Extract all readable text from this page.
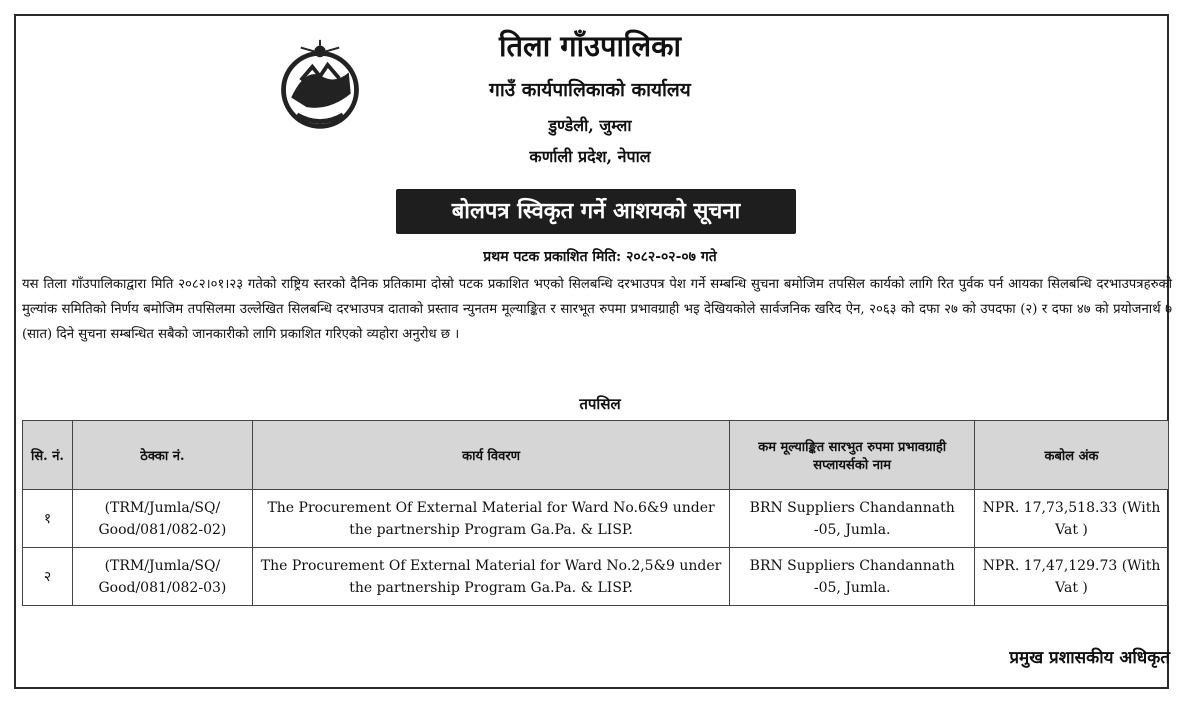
तिला गाँउपालिका
गाउँ कार्यपालिकाको कार्यालय
डुण्डेली, जुम्ला
कर्णाली प्रदेश, नेपाल
बोलपत्र स्विकृत गर्ने आशयको सूचना
प्रथम पटक प्रकाशित मिति: २०८२-०२-०७ गते
यस तिला गाँउपालिकाद्वारा मिति २०८२।०१।२३ गतेको राष्ट्रिय स्तरको दैनिक प्रतिकामा दोस्रो पटक प्रकाशित भएको सिलबन्धि दरभाउपत्र पेश गर्ने सम्बन्धि सुचना बमोजिम तपसिल कार्यको लागि रित पुर्वक पर्न आयका सिलबन्धि दरभाउपत्रहरुको मुल्यांक समितिको निर्णय बमोजिम तपसिलमा उल्लेखित सिलबन्धि दरभाउपत्र दाताको प्रस्ताव न्युनतम मूल्याङ्कित र सारभूत रुपमा प्रभावग्राही भइ देखियकोले सार्वजनिक खरिद ऐन, २०६३ को दफा २७ को उपदफा (२) र दफा ४७ को प्रयोजनार्थ ७ (सात) दिने सुचना सम्बन्धित सबैको जानकारीको लागि प्रकाशित गरिएको व्यहोरा अनुरोध छ ।
तपसिल
सि. नं.	ठेक्का नं.	कार्य विवरण	कम मूल्याङ्कित सारभुत रुपमा प्रभावग्राही सप्लायर्सको नाम	कबोल अंक
१	(TRM/Jumla/SQ/ Good/081/082-02)	The Procurement Of External Material for Ward No.6&9 under the partnership Program Ga.Pa. & LISP.	BRN Suppliers Chandannath -05, Jumla.	NPR. 17,73,518.33 (With Vat )
२	(TRM/Jumla/SQ/ Good/081/082-03)	The Procurement Of External Material for Ward No.2,5&9 under the partnership Program Ga.Pa. & LISP.	BRN Suppliers Chandannath -05, Jumla.	NPR. 17,47,129.73 (With Vat )
प्रमुख प्रशासकीय अधिकृत
